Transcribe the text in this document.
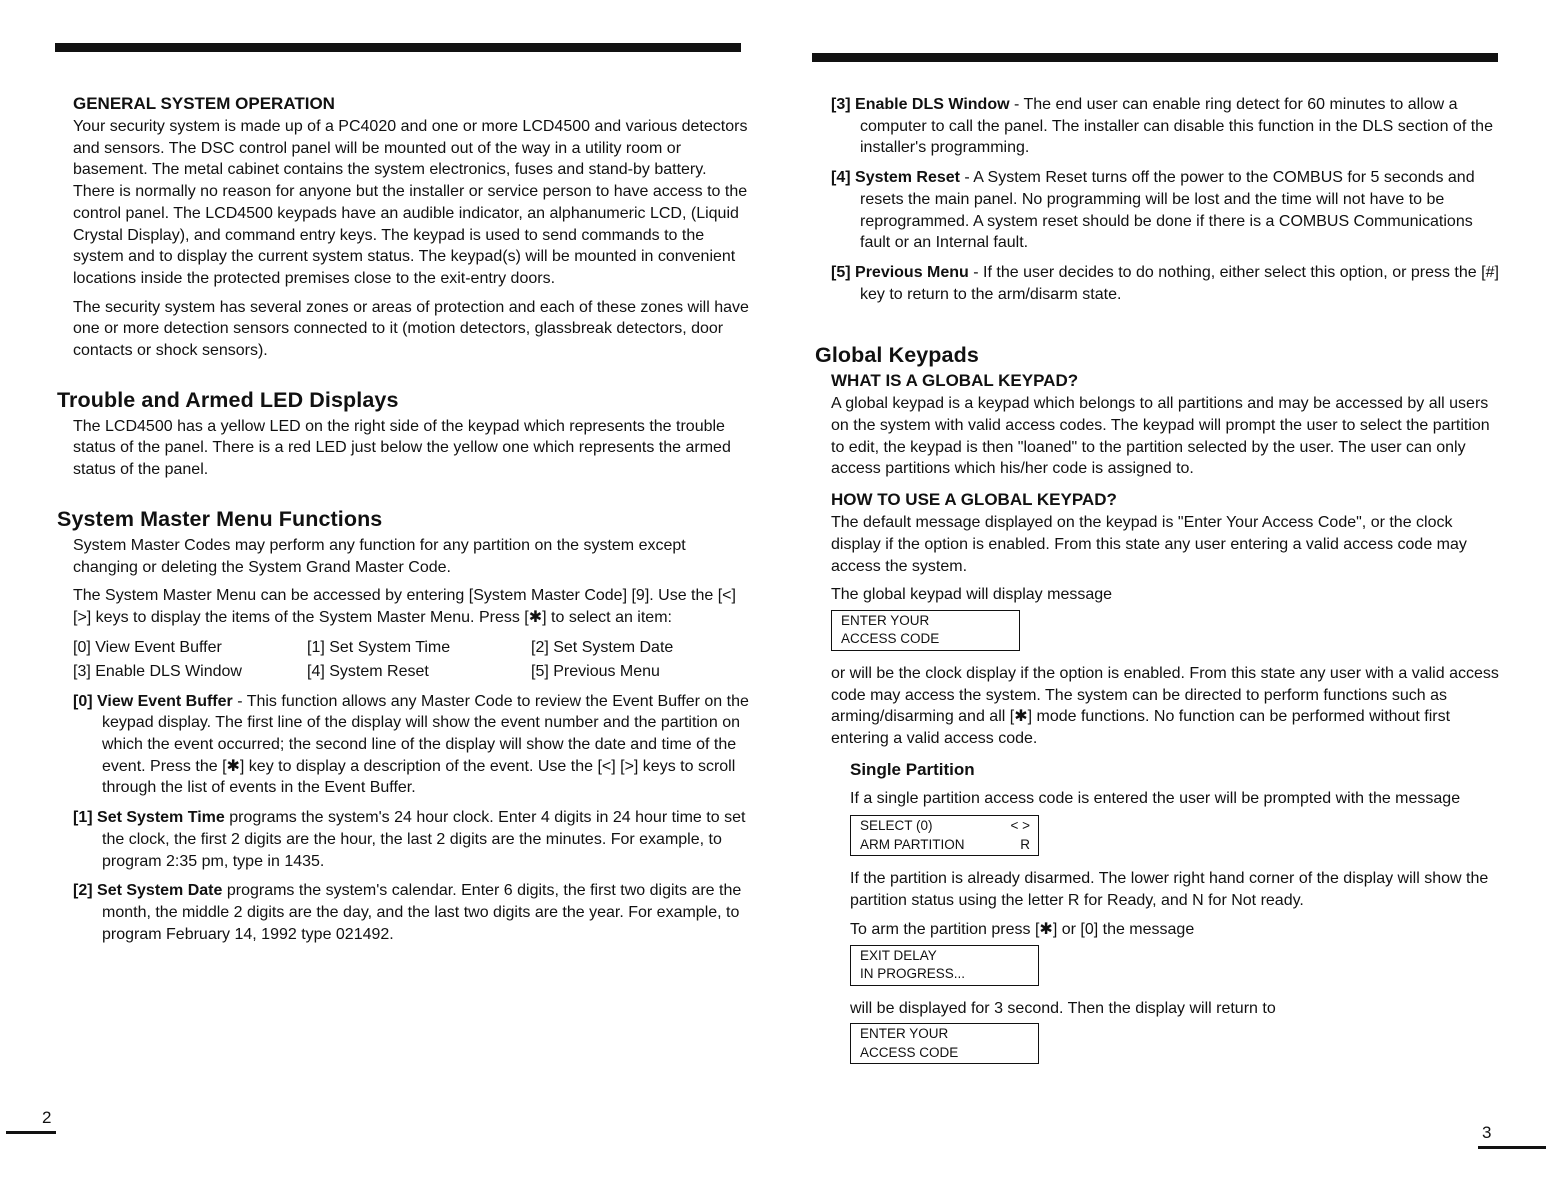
GENERAL SYSTEM OPERATION

Your security system is made up of a PC4020 and one or more LCD4500 and various detectors and sensors. The DSC control panel will be mounted out of the way in a utility room or basement. The metal cabinet contains the system electronics, fuses and stand-by battery. There is normally no reason for anyone but the installer or service person to have access to the control panel. The LCD4500 keypads have an audible indicator, an alphanumeric LCD, (Liquid Crystal Display), and command entry keys. The keypad is used to send commands to the system and to display the current system status. The keypad(s) will be mounted in convenient locations inside the protected premises close to the exit-entry doors.

The security system has several zones or areas of protection and each of these zones will have one or more detection sensors connected to it (motion detectors, glassbreak detectors, door contacts or shock sensors).

Trouble and Armed LED Displays

The LCD4500 has a yellow LED on the right side of the keypad which represents the trouble status of the panel. There is a red LED just below the yellow one which represents the armed status of the panel.

System Master Menu Functions

System Master Codes may perform any function for any partition on the system except changing or deleting the System Grand Master Code.

The System Master Menu can be accessed by entering [System Master Code] [9]. Use the [<] [>] keys to display the items of the System Master Menu. Press [✱] to select an item:

[0] View Event Buffer	[1] Set System Time	[2] Set System Date
[3] Enable DLS Window	[4] System Reset	[5] Previous Menu

[0] View Event Buffer - This function allows any Master Code to review the Event Buffer on the keypad display. The first line of the display will show the event number and the partition on which the event occurred; the second line of the display will show the date and time of the event. Press the [✱] key to display a description of the event. Use the [<] [>] keys to scroll through the list of events in the Event Buffer.

[1] Set System Time programs the system's 24 hour clock. Enter 4 digits in 24 hour time to set the clock, the first 2 digits are the hour, the last 2 digits are the minutes. For example, to program 2:35 pm, type in 1435.

[2] Set System Date programs the system's calendar. Enter 6 digits, the first two digits are the month, the middle 2 digits are the day, and the last two digits are the year. For example, to program February 14, 1992 type 021492.

2

[3] Enable DLS Window - The end user can enable ring detect for 60 minutes to allow a computer to call the panel. The installer can disable this function in the DLS section of the installer's programming.

[4] System Reset - A System Reset turns off the power to the COMBUS for 5 seconds and resets the main panel. No programming will be lost and the time will not have to be reprogrammed. A system reset should be done if there is a COMBUS Communications fault or an Internal fault.

[5] Previous Menu - If the user decides to do nothing, either select this option, or press the [#] key to return to the arm/disarm state.

Global Keypads
WHAT IS A GLOBAL KEYPAD?

A global keypad is a keypad which belongs to all partitions and may be accessed by all users on the system with valid access codes. The keypad will prompt the user to select the partition to edit, the keypad is then "loaned" to the partition selected by the user. The user can only access partitions which his/her code is assigned to.

HOW TO USE A GLOBAL KEYPAD?

The default message displayed on the keypad is "Enter Your Access Code", or the clock display if the option is enabled. From this state any user entering a valid access code may access the system.

The global keypad will display message

ENTER YOUR
ACCESS CODE

or will be the clock display if the option is enabled. From this state any user with a valid access code may access the system. The system can be directed to perform functions such as arming/disarming and all [✱] mode functions. No function can be performed without first entering a valid access code.

Single Partition

If a single partition access code is entered the user will be prompted with the message

SELECT (0)	< >
ARM PARTITION	R

If the partition is already disarmed. The lower right hand corner of the display will show the partition status using the letter R for Ready, and N for Not ready.

To arm the partition press [✱] or [0] the message

EXIT DELAY
IN PROGRESS...

will be displayed for 3 second. Then the display will return to

ENTER YOUR
ACCESS CODE
3
